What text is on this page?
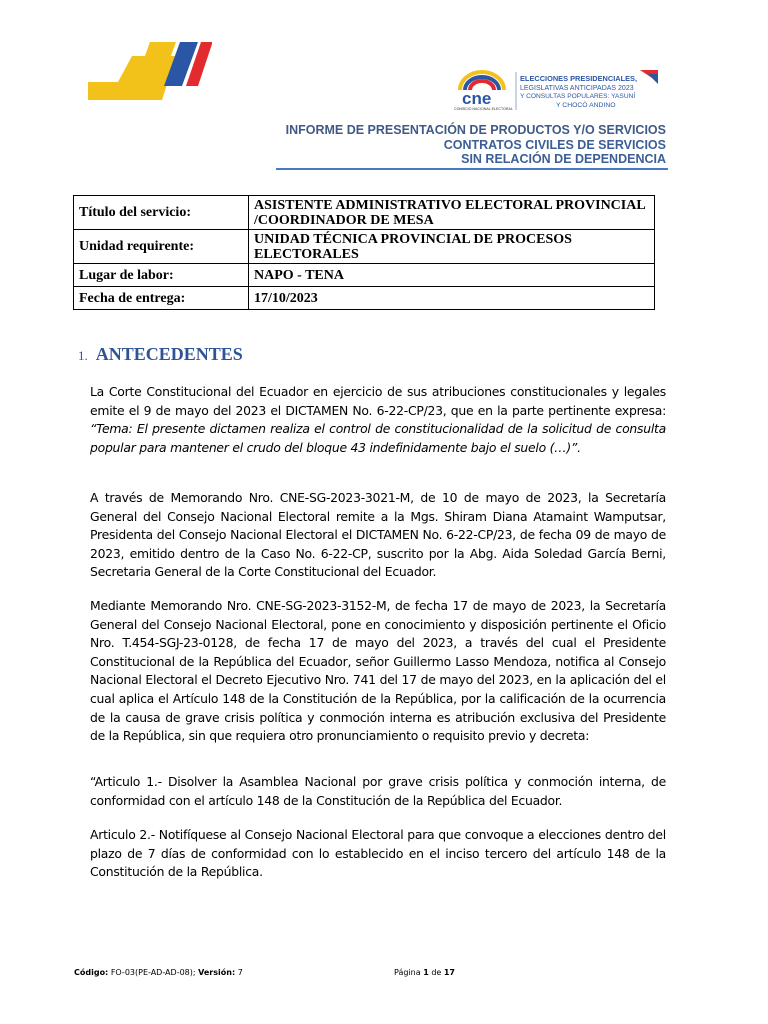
cne
CONSEJO NACIONAL ELECTORAL
ELECCIONES PRESIDENCIALES,
LEGISLATIVAS ANTICIPADAS 2023
Y CONSULTAS POPULARES: YASUNÍ
Y CHOCÓ ANDINO
INFORME DE PRESENTACIÓN DE PRODUCTOS Y/O SERVICIOS
CONTRATOS CIVILES DE SERVICIOS
SIN RELACIÓN DE DEPENDENCIA
Título del servicio:	ASISTENTE ADMINISTRATIVO ELECTORAL PROVINCIAL /COORDINADOR DE MESA
Unidad requirente:	UNIDAD TÉCNICA PROVINCIAL DE PROCESOS ELECTORALES
Lugar de labor:	NAPO - TENA
Fecha de entrega:	17/10/2023
1. ANTECEDENTES

La Corte Constitucional del Ecuador en ejercicio de sus atribuciones constitucionales y legales emite el 9 de mayo del 2023 el DICTAMEN No. 6-22-CP/23, que en la parte pertinente expresa: “Tema: El presente dictamen realiza el control de constitucionalidad de la solicitud de consulta popular para mantener el crudo del bloque 43 indefinidamente bajo el suelo (…)”.

A través de Memorando Nro. CNE-SG-2023-3021-M, de 10 de mayo de 2023, la Secretaría General del Consejo Nacional Electoral remite a la Mgs. Shiram Diana Atamaint Wamputsar, Presidenta del Consejo Nacional Electoral el DICTAMEN No. 6-22-CP/23, de fecha 09 de mayo de 2023, emitido dentro de la Caso No. 6-22-CP, suscrito por la Abg. Aida Soledad García Berni, Secretaria General de la Corte Constitucional del Ecuador.

Mediante Memorando Nro. CNE-SG-2023-3152-M, de fecha 17 de mayo de 2023, la Secretaría General del Consejo Nacional Electoral, pone en conocimiento y disposición pertinente el Oficio Nro. T.454-SGJ-23-0128, de fecha 17 de mayo del 2023, a través del cual el Presidente Constitucional de la República del Ecuador, señor Guillermo Lasso Mendoza, notifica al Consejo Nacional Electoral el Decreto Ejecutivo Nro. 741 del 17 de mayo del 2023, en la aplicación del el cual aplica el Artículo 148 de la Constitución de la República, por la calificación de la ocurrencia de la causa de grave crisis política y conmoción interna es atribución exclusiva del Presidente de la República, sin que requiera otro pronunciamiento o requisito previo y decreta:

“Articulo 1.- Disolver la Asamblea Nacional por grave crisis política y conmoción interna, de conformidad con el artículo 148 de la Constitución de la República del Ecuador.

Articulo 2.- Notifíquese al Consejo Nacional Electoral para que convoque a elecciones dentro del plazo de 7 días de conformidad con lo establecido en el inciso tercero del artículo 148 de la Constitución de la República.

Código: FO-03(PE-AD-AD-08); Versión: 7	Página 1 de 17
